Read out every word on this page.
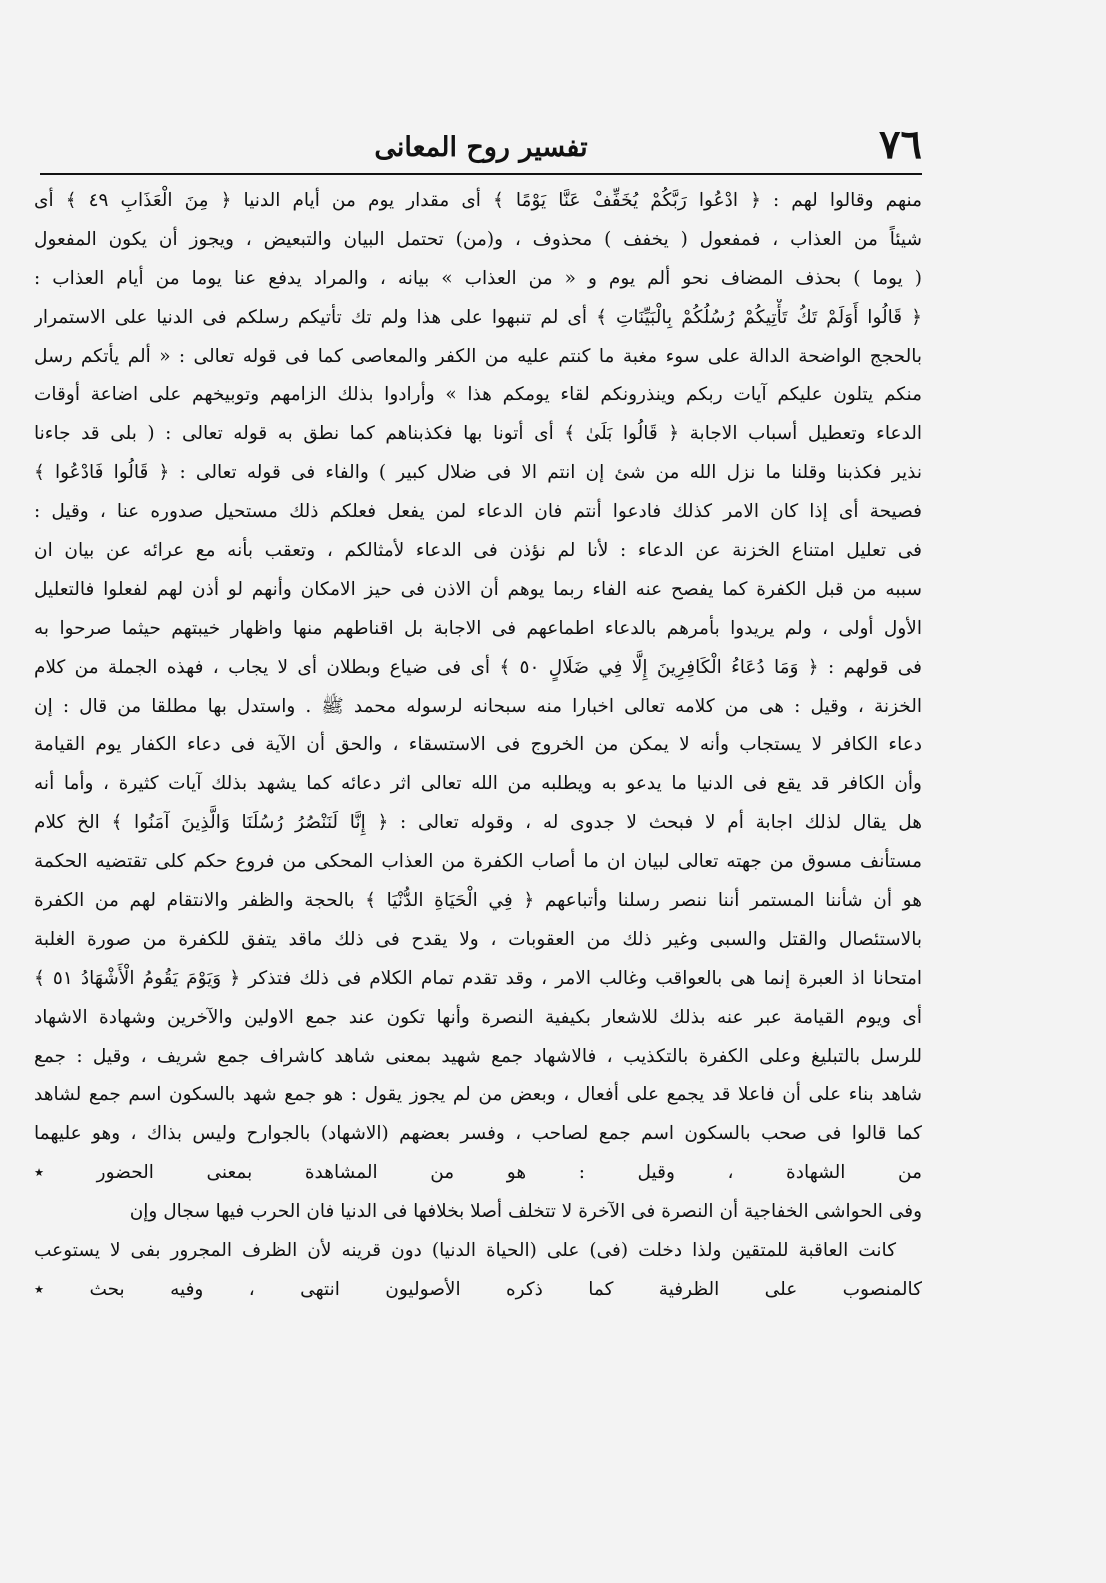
٧٦
تفسير روح المعانى
منهم وقالوا لهم : ﴿ ادْعُوا رَبَّكُمْ يُخَفِّفْ عَنَّا يَوْمًا ﴾ أى مقدار يوم من أيام الدنيا ﴿ مِنَ الْعَذَابِ ٤٩ ﴾ أى
شيئاً من العذاب ، فمفعول ( يخفف ) محذوف ، و(من) تحتمل البيان والتبعيض ، ويجوز أن يكون المفعول
( يوما ) بحذف المضاف نحو ألم يوم و « من العذاب » بيانه ، والمراد يدفع عنا يوما من أيام العذاب :
﴿ قَالُوا أَوَلَمْ تَكُ تَأْتِيكُمْ رُسُلُكُمْ بِالْبَيِّنَاتِ ﴾ أى لم تنبهوا على هذا ولم تك تأتيكم رسلكم فى الدنيا على الاستمرار
بالحجج الواضحة الدالة على سوء مغبة ما كنتم عليه من الكفر والمعاصى كما فى قوله تعالى : « ألم يأتكم رسل
منكم يتلون عليكم آيات ربكم وينذرونكم لقاء يومكم هذا » وأرادوا بذلك الزامهم وتوبيخهم على اضاعة أوقات
الدعاء وتعطيل أسباب الاجابة ﴿ قَالُوا بَلَىٰ ﴾ أى أتونا بها فكذبناهم كما نطق به قوله تعالى : ( بلى قد جاءنا
نذير فكذبنا وقلنا ما نزل الله من شئ إن انتم الا فى ضلال كبير ) والفاء فى قوله تعالى : ﴿ قَالُوا فَادْعُوا ﴾
فصيحة أى إذا كان الامر كذلك فادعوا أنتم فان الدعاء لمن يفعل فعلكم ذلك مستحيل صدوره عنا ، وقيل :
فى تعليل امتناع الخزنة عن الدعاء : لأنا لم نؤذن فى الدعاء لأمثالكم ، وتعقب بأنه مع عرائه عن بيان ان
سببه من قبل الكفرة كما يفصح عنه الفاء ربما يوهم أن الاذن فى حيز الامكان وأنهم لو أذن لهم لفعلوا فالتعليل
الأول أولى ، ولم يريدوا بأمرهم بالدعاء اطماعهم فى الاجابة بل اقناطهم منها واظهار خيبتهم حيثما صرحوا به
فى قولهم : ﴿ وَمَا دُعَاءُ الْكَافِرِينَ إِلَّا فِي ضَلَالٍ ٥٠ ﴾ أى فى ضياع وبطلان أى لا يجاب ، فهذه الجملة من كلام
الخزنة ، وقيل : هى من كلامه تعالى اخبارا منه سبحانه لرسوله محمد ﷺ . واستدل بها مطلقا من قال : إن
دعاء الكافر لا يستجاب وأنه لا يمكن من الخروج فى الاستسقاء ، والحق أن الآية فى دعاء الكفار يوم القيامة
وأن الكافر قد يقع فى الدنيا ما يدعو به ويطلبه من الله تعالى اثر دعائه كما يشهد بذلك آيات كثيرة ، وأما أنه
هل يقال لذلك اجابة أم لا فبحث لا جدوى له ، وقوله تعالى : ﴿ إِنَّا لَنَنْصُرُ رُسُلَنَا وَالَّذِينَ آمَنُوا ﴾ الخ كلام
مستأنف مسوق من جهته تعالى لبيان ان ما أصاب الكفرة من العذاب المحكى من فروع حكم كلى تقتضيه الحكمة
هو أن شأننا المستمر أننا ننصر رسلنا وأتباعهم ﴿ فِي الْحَيَاةِ الدُّنْيَا ﴾ بالحجة والظفر والانتقام لهم من الكفرة
بالاستئصال والقتل والسبى وغير ذلك من العقوبات ، ولا يقدح فى ذلك ماقد يتفق للكفرة من صورة الغلبة
امتحانا اذ العبرة إنما هى بالعواقب وغالب الامر ، وقد تقدم تمام الكلام فى ذلك فتذكر ﴿ وَيَوْمَ يَقُومُ الْأَشْهَادُ ٥١ ﴾
أى ويوم القيامة عبر عنه بذلك للاشعار بكيفية النصرة وأنها تكون عند جمع الاولين والآخرين وشهادة الاشهاد
للرسل بالتبليغ وعلى الكفرة بالتكذيب ، فالاشهاد جمع شهيد بمعنى شاهد كاشراف جمع شريف ، وقيل : جمع
شاهد بناء على أن فاعلا قد يجمع على أفعال ، وبعض من لم يجوز يقول : هو جمع شهد بالسكون اسم جمع لشاهد
كما قالوا فى صحب بالسكون اسم جمع لصاحب ، وفسر بعضهم (الاشهاد) بالجوارح وليس بذاك ، وهو عليهما
من الشهادة ، وقيل : هو من المشاهدة بمعنى الحضور ٭
وفى الحواشى الخفاجية أن النصرة فى الآخرة لا تتخلف أصلا بخلافها فى الدنيا فان الحرب فيها سجال وإن
كانت العاقبة للمتقين ولذا دخلت (فى) على (الحياة الدنيا) دون قرينه لأن الظرف المجرور بفى لا يستوعب
كالمنصوب على الظرفية كما ذكره الأصوليون انتهى ، وفيه بحث ٭
